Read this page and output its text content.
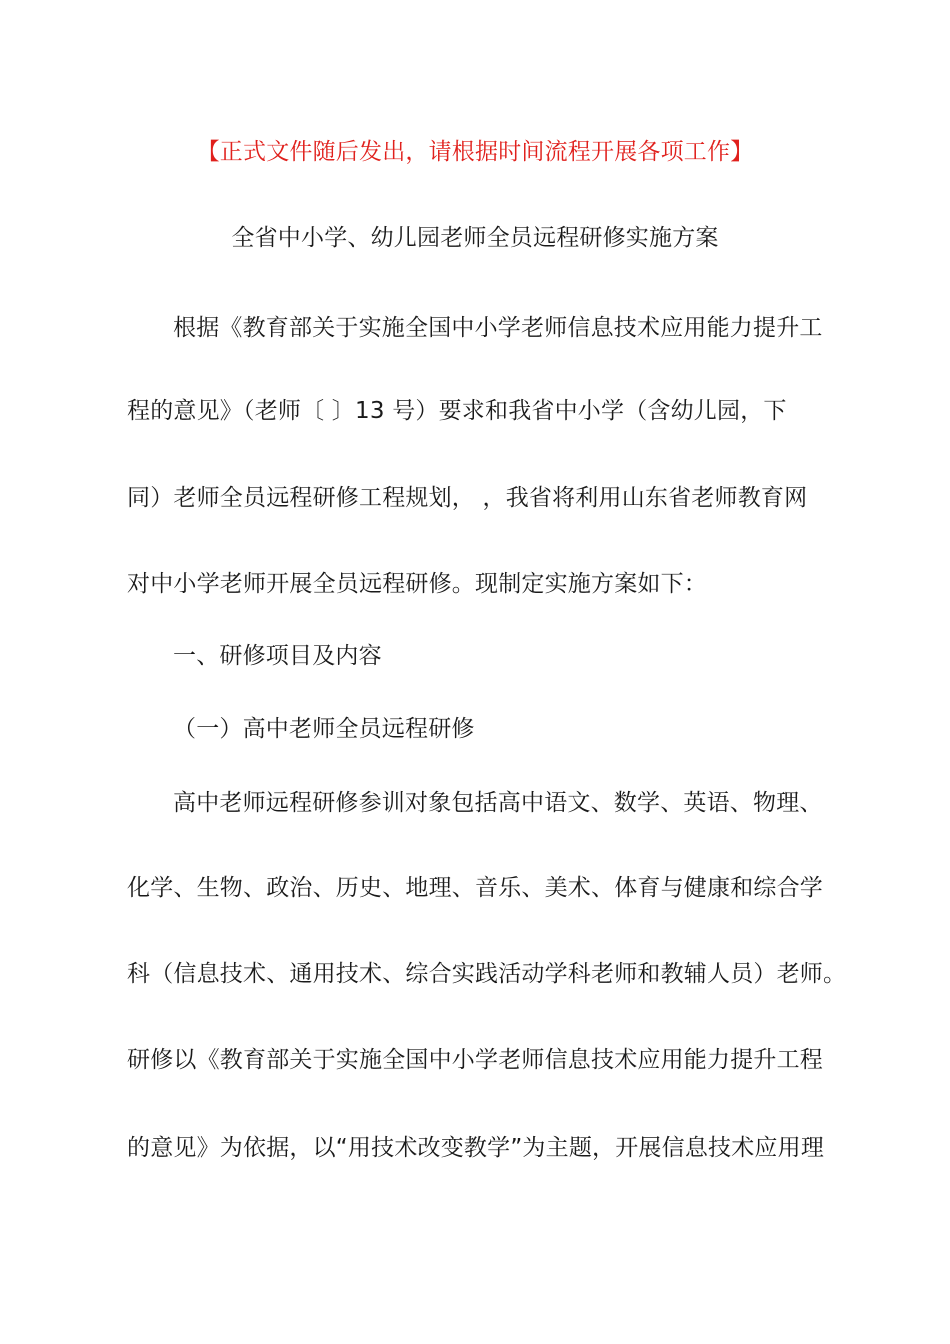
【正式文件随后发出，请根据时间流程开展各项工作】
全省中小学、幼儿园老师全员远程研修实施方案
根据《教育部关于实施全国中小学老师信息技术应用能力提升工
程的意见》（老师〔 〕13 号）要求和我省中小学（含幼儿园，下
同）老师全员远程研修工程规划， ，我省将利用山东省老师教育网
对中小学老师开展全员远程研修。现制定实施方案如下：
一、研修项目及内容
（一）高中老师全员远程研修
高中老师远程研修参训对象包括高中语文、数学、英语、物理、
化学、生物、政治、历史、地理、音乐、美术、体育与健康和综合学
科（信息技术、通用技术、综合实践活动学科老师和教辅人员）老师。
研修以《教育部关于实施全国中小学老师信息技术应用能力提升工程
的意见》为依据，以“用技术改变教学”为主题，开展信息技术应用理
